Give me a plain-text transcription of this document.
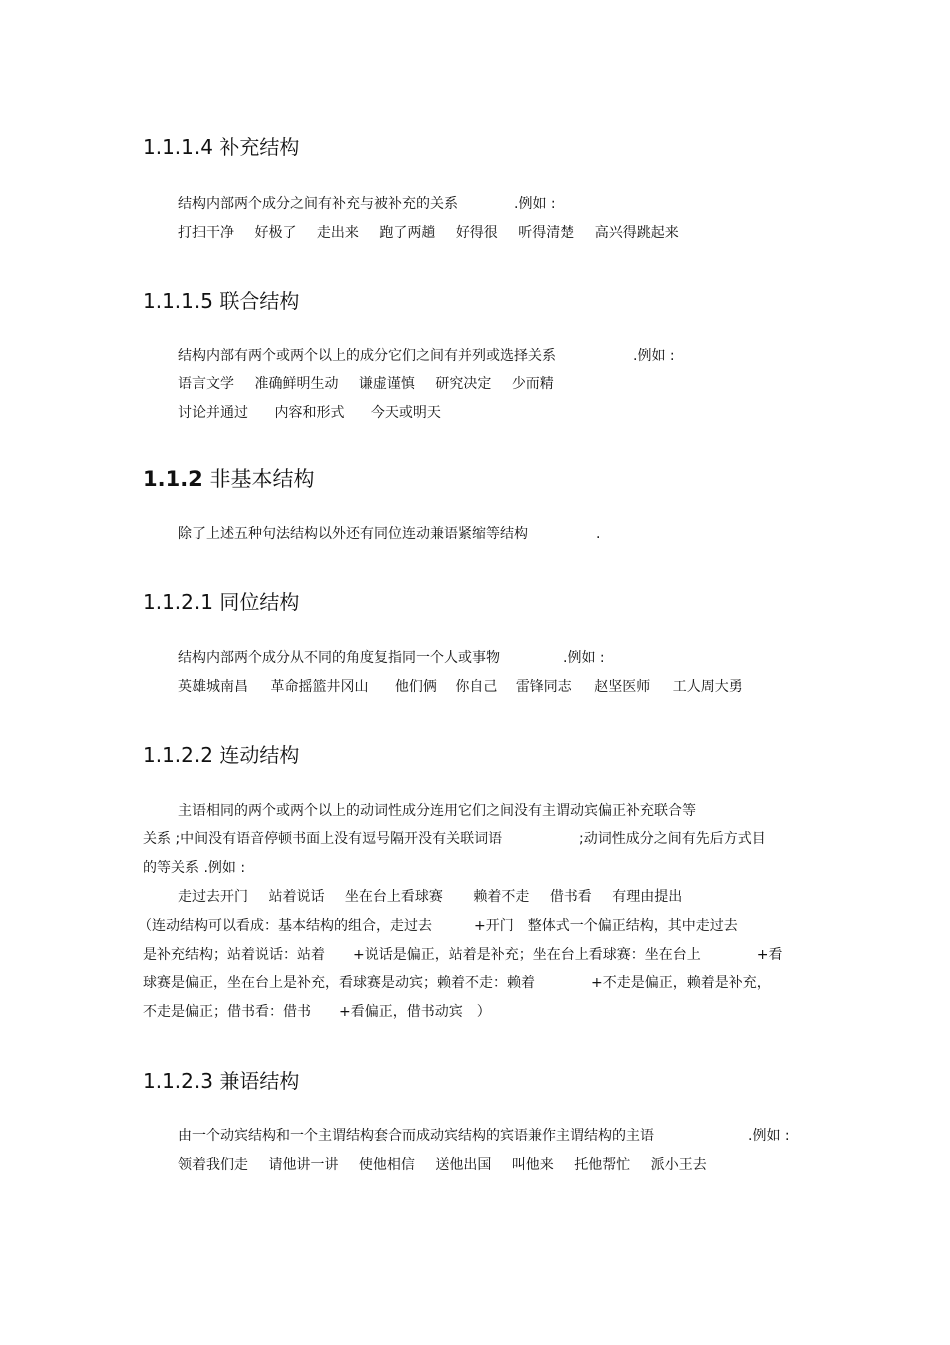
1.1.1.4 补充结构
结构内部两个成分之间有补充与被补充的关系	.例如 :
打扫干净 好极了 走出来 跑了两趟 好得很 听得清楚 高兴得跳起来
1.1.1.5 联合结构
结构内部有两个或两个以上的成分它们之间有并列或选择关系	.例如 :
语言文学 准确鲜明生动 谦虚谨慎 研究决定 少而精
讨论并通过 内容和形式 今天或明天
1.1.2 非基本结构
除了上述五种句法结构以外还有同位连动兼语紧缩等结构	.
1.1.2.1 同位结构
结构内部两个成分从不同的角度复指同一个人或事物	.例如 :
英雄城南昌 革命摇篮井冈山 他们俩 你自己 雷锋同志 赵坚医师 工人周大勇
1.1.2.2 连动结构
主语相同的两个或两个以上的动词性成分连用它们之间没有主谓动宾偏正补充联合等
关系 ;中间没有语音停顿书面上没有逗号隔开没有关联词语	;动词性成分之间有先后方式目
的等关系 .例如 :
走过去开门 站着说话 坐在台上看球赛 赖着不走 借书看 有理由提出
（连动结构可以看成：基本结构的组合，走过去　　　+开门　整体式一个偏正结构，其中走过去
是补充结构；站着说话：站着　　+说话是偏正，站着是补充；坐在台上看球赛：坐在台上　　　　+看
球赛是偏正，坐在台上是补充，看球赛是动宾；赖着不走：赖着　　　　+不走是偏正，赖着是补充，
不走是偏正；借书看：借书　　+看偏正，借书动宾　）
1.1.2.3 兼语结构
由一个动宾结构和一个主谓结构套合而成动宾结构的宾语兼作主谓结构的主语	.例如 :
领着我们走 请他讲一讲 使他相信 送他出国 叫他来 托他帮忙 派小王去
